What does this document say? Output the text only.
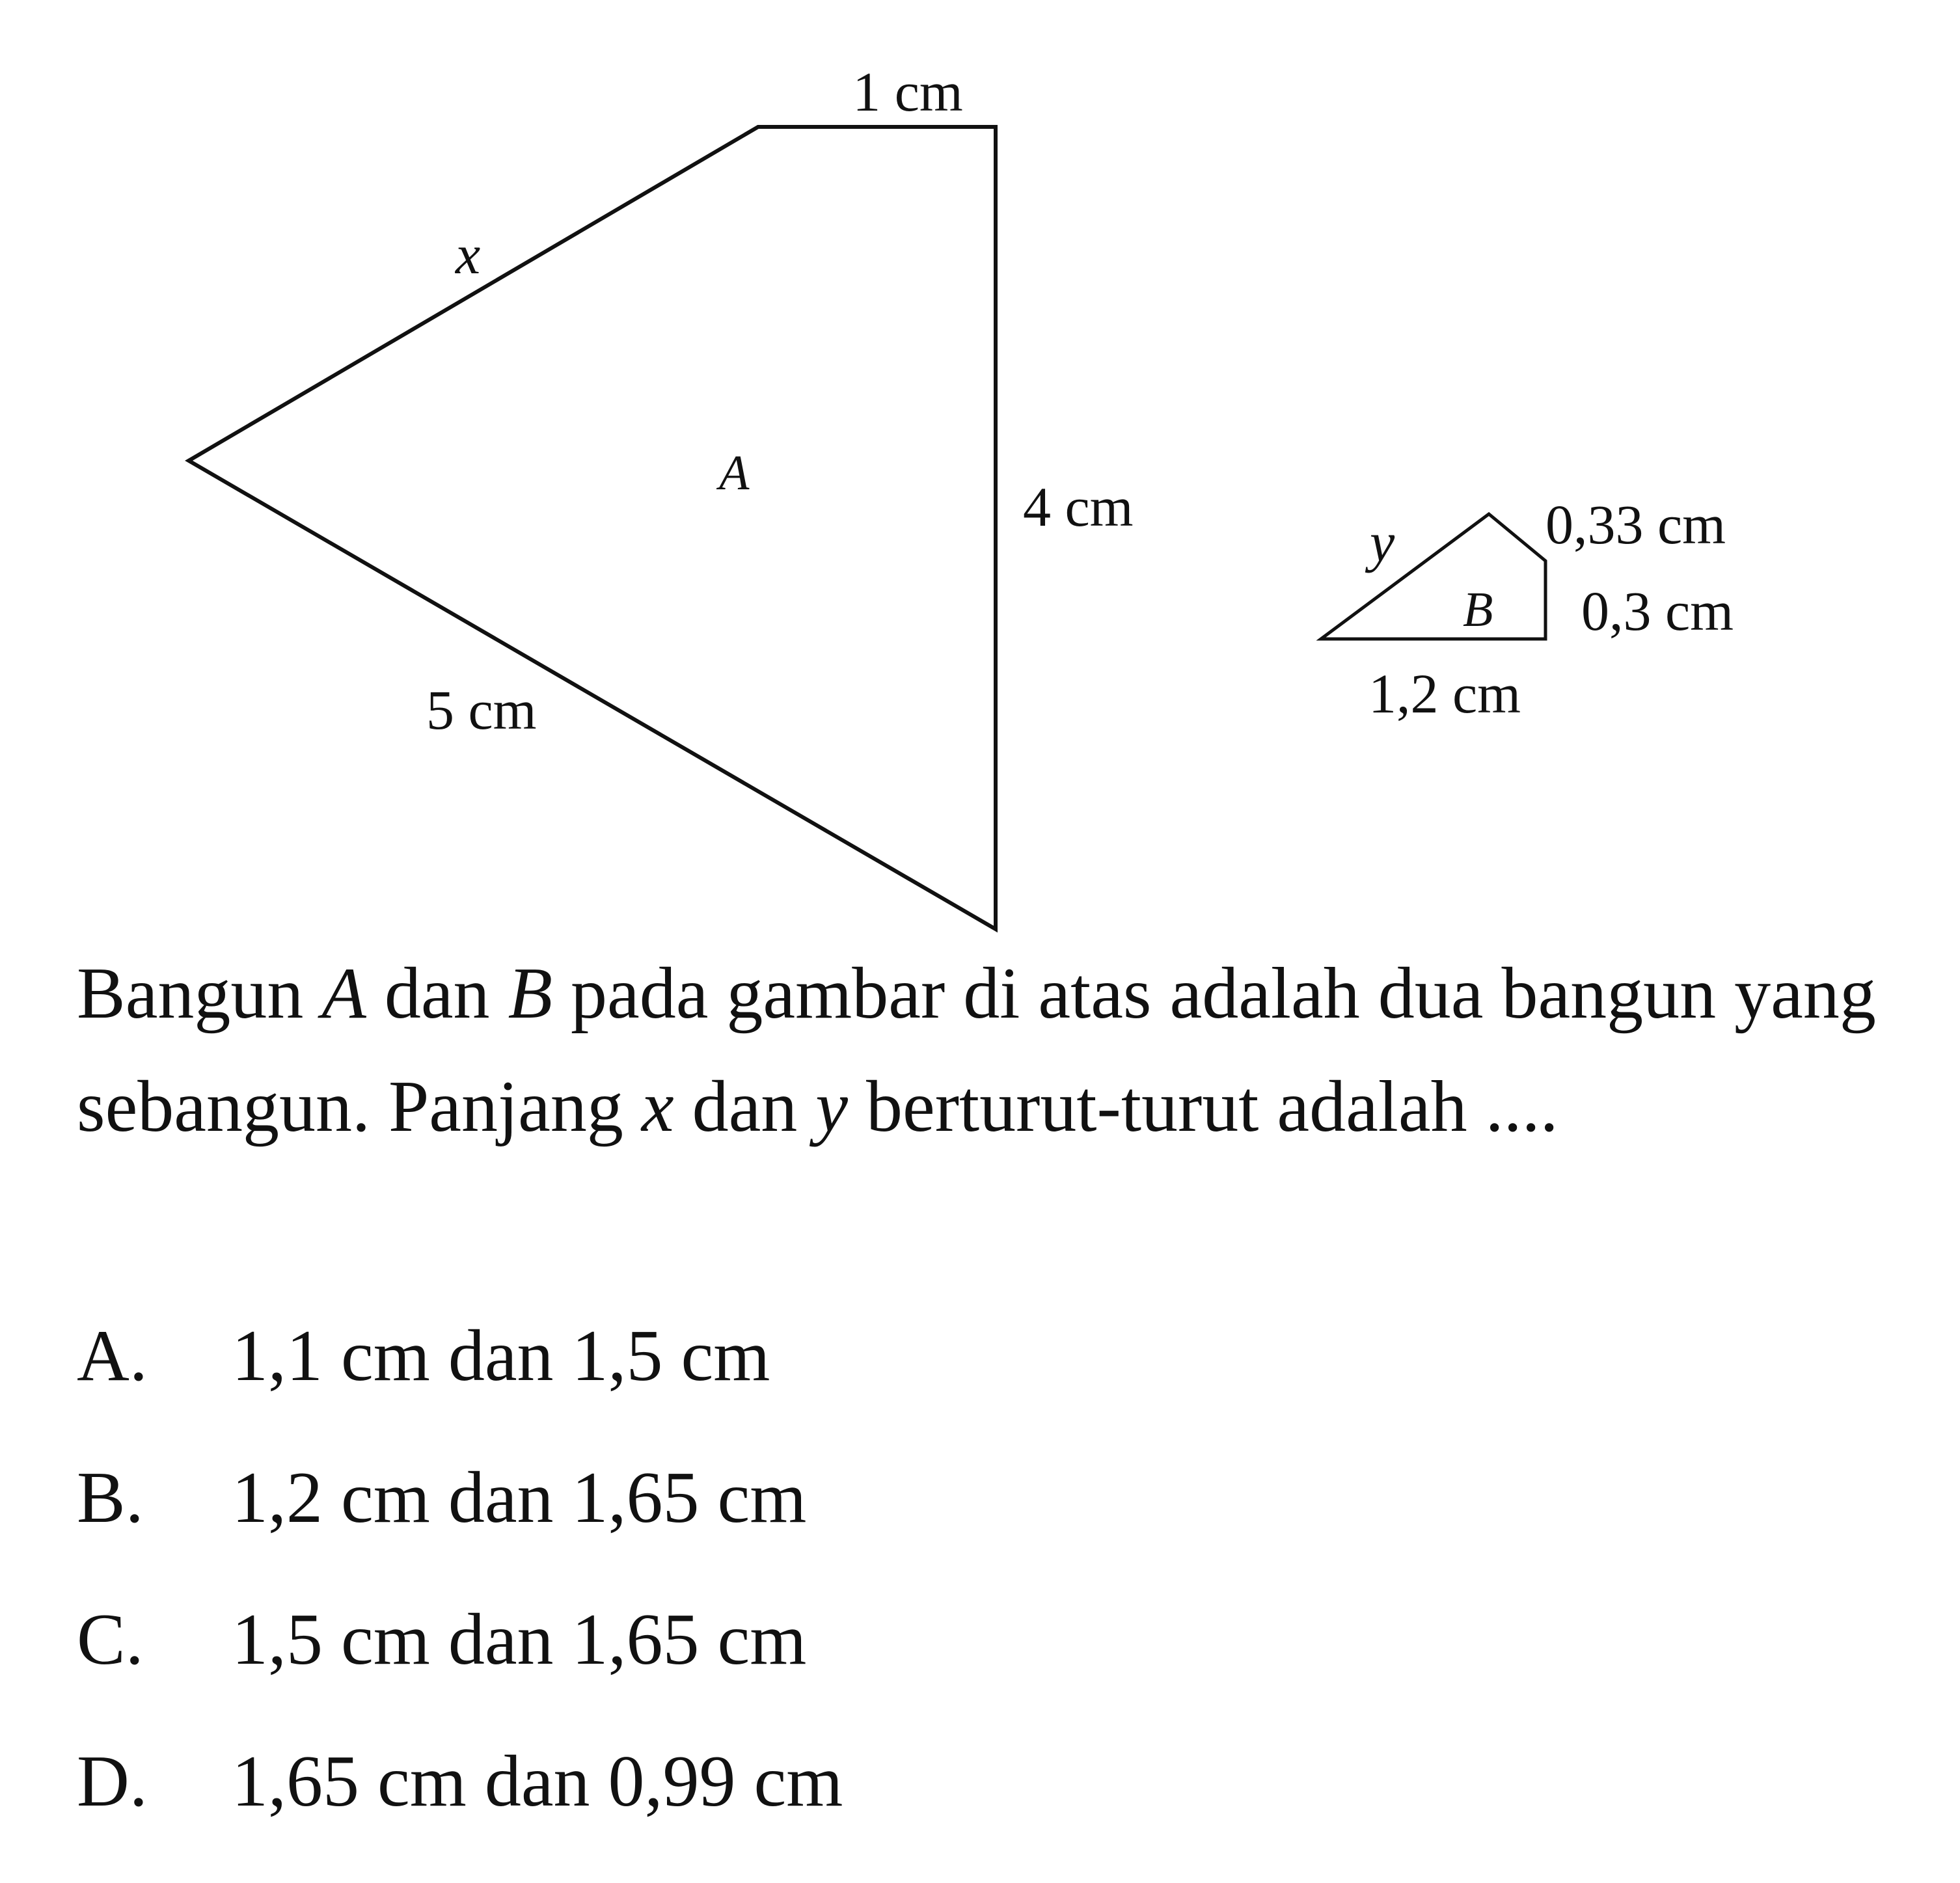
1 cm
4 cm
5 cm
x
A
y	0,33 cm
0,3 cm
1,2 cm
B

Bangun A dan B pada gambar di atas adalah dua bangun yang sebangun. Panjang x dan y berturut-turut adalah ....

A. 1,1 cm dan 1,5 cm
B. 1,2 cm dan 1,65 cm
C. 1,5 cm dan 1,65 cm
D. 1,65 cm dan 0,99 cm
